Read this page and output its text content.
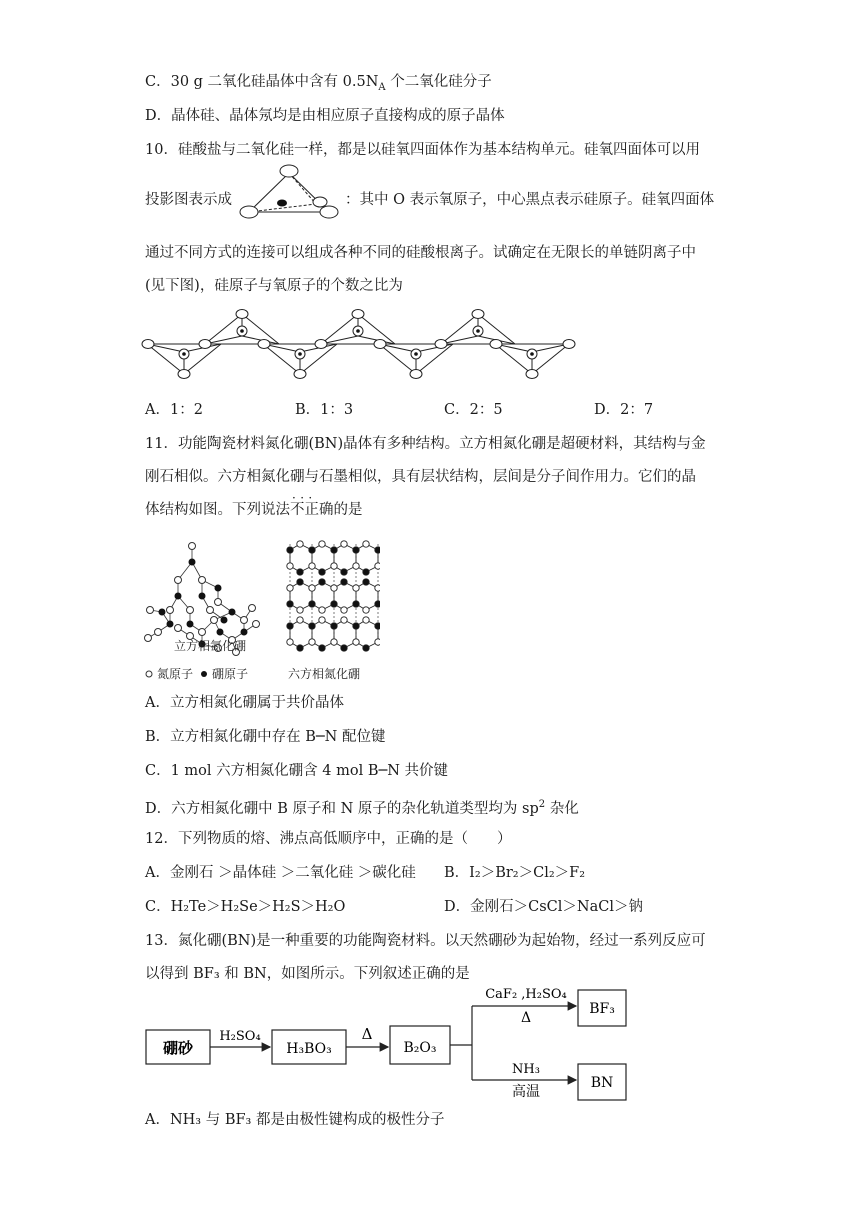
C．30 g 二氧化硅晶体中含有 $0.5N_A$ 个二氧化硅分子
D．晶体硅、晶体氖均是由相应原子直接构成的原子晶体
10．硅酸盐与二氧化硅一样，都是以硅氧四面体作为基本结构单元。硅氧四面体可以用
投影图表示成	：其中 O 表示氧原子，中心黑点表示硅原子。硅氧四面体
通过不同方式的连接可以组成各种不同的硅酸根离子。试确定在无限长的单链阴离子中
(见下图)，硅原子与氧原子的个数之比为
A．1：2	B．1：3	C．2：5	D．2：7
11．功能陶瓷材料氮化硼(BN)晶体有多种结构。立方相氮化硼是超硬材料，其结构与金
刚石相似。六方相氮化硼与石墨相似，具有层状结构，层间是分子间作用力。它们的晶
体结构如图。下列说法· · · 不正确的是
立方相氮化硼
氮原子 硼原子	六方相氮化硼
A．立方相氮化硼属于共价晶体
B．立方相氮化硼中存在 B─N 配位键
C．1 mol 六方相氮化硼含 4 mol B─N 共价键
D．六方相氮化硼中 B 原子和 N 原子的杂化轨道类型均为 $sp^2$ 杂化
12．下列物质的熔、沸点高低顺序中，正确的是（　　）
A．金刚石 ＞晶体硅 ＞二氧化硅 ＞碳化硅 B．I₂＞Br₂＞Cl₂＞F₂
C．H₂Te＞H₂Se＞H₂S＞H₂O	D．金刚石＞CsCl＞NaCl＞钠
13．氮化硼(BN)是一种重要的功能陶瓷材料。以天然硼砂为起始物，经过一系列反应可
以得到 BF₃ 和 BN，如图所示。下列叙述正确的是
硼砂
H₂SO₄
H₃BO₃
Δ
B₂O₃
CaF₂ ,H₂SO₄
Δ
BF₃
NH₃
高温
BN
A．NH₃ 与 BF₃ 都是由极性键构成的极性分子
